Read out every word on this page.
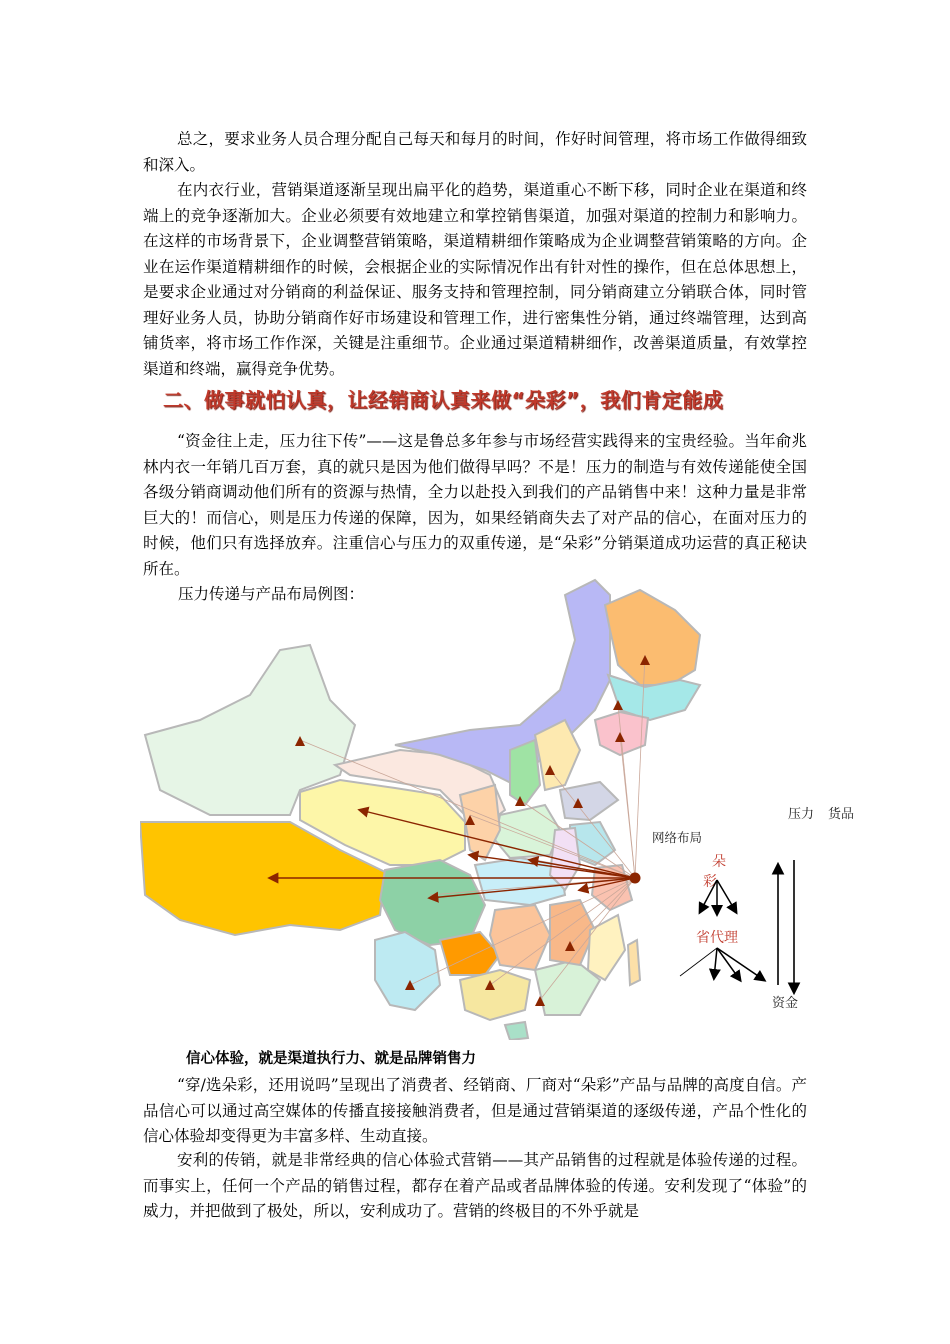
总之，要求业务人员合理分配自己每天和每月的时间，作好时间管理，将市场工作做得细致和深入。

在内衣行业，营销渠道逐渐呈现出扁平化的趋势，渠道重心不断下移，同时企业在渠道和终端上的竞争逐渐加大。企业必须要有效地建立和掌控销售渠道，加强对渠道的控制力和影响力。在这样的市场背景下，企业调整营销策略，渠道精耕细作策略成为企业调整营销策略的方向。企业在运作渠道精耕细作的时候，会根据企业的实际情况作出有针对性的操作，但在总体思想上，是要求企业通过对分销商的利益保证、服务支持和管理控制，同分销商建立分销联合体，同时管理好业务人员，协助分销商作好市场建设和管理工作，进行密集性分销，通过终端管理，达到高铺货率，将市场工作作深，关键是注重细节。企业通过渠道精耕细作，改善渠道质量，有效掌控渠道和终端，赢得竞争优势。

二、做事就怕认真，让经销商认真来做“朵彩”，我们肯定能成

“资金往上走，压力往下传”——这是鲁总多年参与市场经营实践得来的宝贵经验。当年俞兆林内衣一年销几百万套，真的就只是因为他们做得早吗？不是！压力的制造与有效传递能使全国各级分销商调动他们所有的资源与热情，全力以赴投入到我们的产品销售中来！这种力量是非常巨大的！而信心，则是压力传递的保障，因为，如果经销商失去了对产品的信心，在面对压力的时候，他们只有选择放弃。注重信心与压力的双重传递，是“朵彩”分销渠道成功运营的真正秘诀所在。

压力传递与产品布局例图：

网络布局
朵
彩
省代理
压力 货品
资金

信心体验，就是渠道执行力、就是品牌销售力

“穿/选朵彩，还用说吗”呈现出了消费者、经销商、厂商对“朵彩”产品与品牌的高度自信。产品信心可以通过高空媒体的传播直接接触消费者，但是通过营销渠道的逐级传递，产品个性化的信心体验却变得更为丰富多样、生动直接。

安利的传销，就是非常经典的信心体验式营销——其产品销售的过程就是体验传递的过程。而事实上，任何一个产品的销售过程，都存在着产品或者品牌体验的传递。安利发现了“体验”的威力，并把做到了极处，所以，安利成功了。营销的终极目的不外乎就是
